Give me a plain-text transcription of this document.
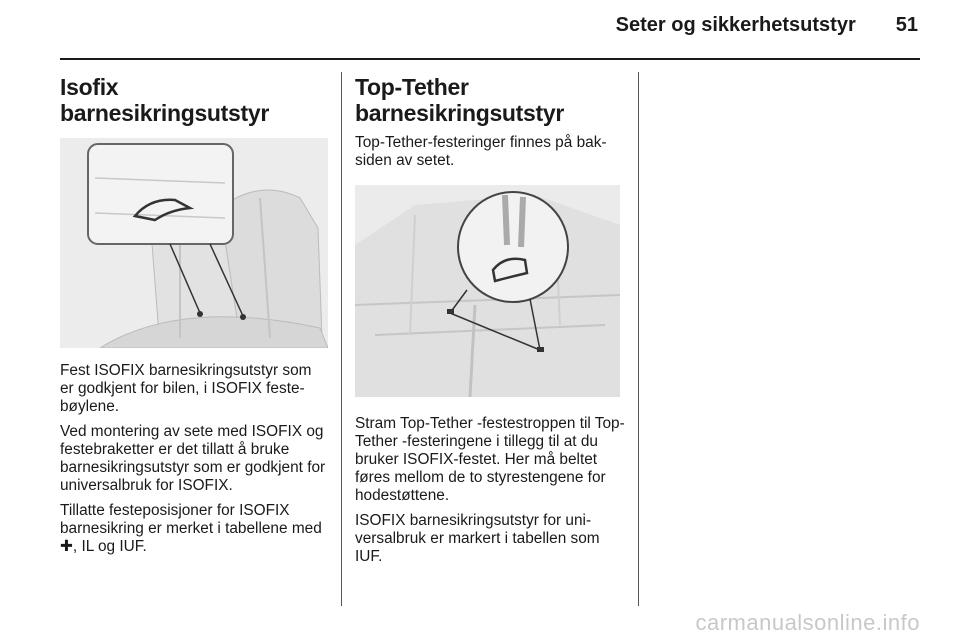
Seter og sikkerhetsutstyr 51
Isofix barnesikringsutstyr

Fest ISOFIX barnesikringsutstyr som er godkjent for bilen, i ISOFIX festebøylene.

Ved montering av sete med ISOFIX og festebraketter er det tillatt å bruke barnesikringsutstyr som er godkjent for universalbruk for ISOFIX.

Tillatte festeposisjoner for ISOFIX barnesikring er merket i tabellene med ✚, IL og IUF.

Top-Tether barnesikringsutstyr

Top-Tether-festeringer finnes på baksiden av setet.

Stram Top-Tether -festestroppen til Top-Tether -festeringene i tillegg til at du bruker ISOFIX-festet. Her må beltet føres mellom de to styrestengene for hodestøttene.

ISOFIX barnesikringsutstyr for universalbruk er markert i tabellen som IUF.

carmanualsonline.info
